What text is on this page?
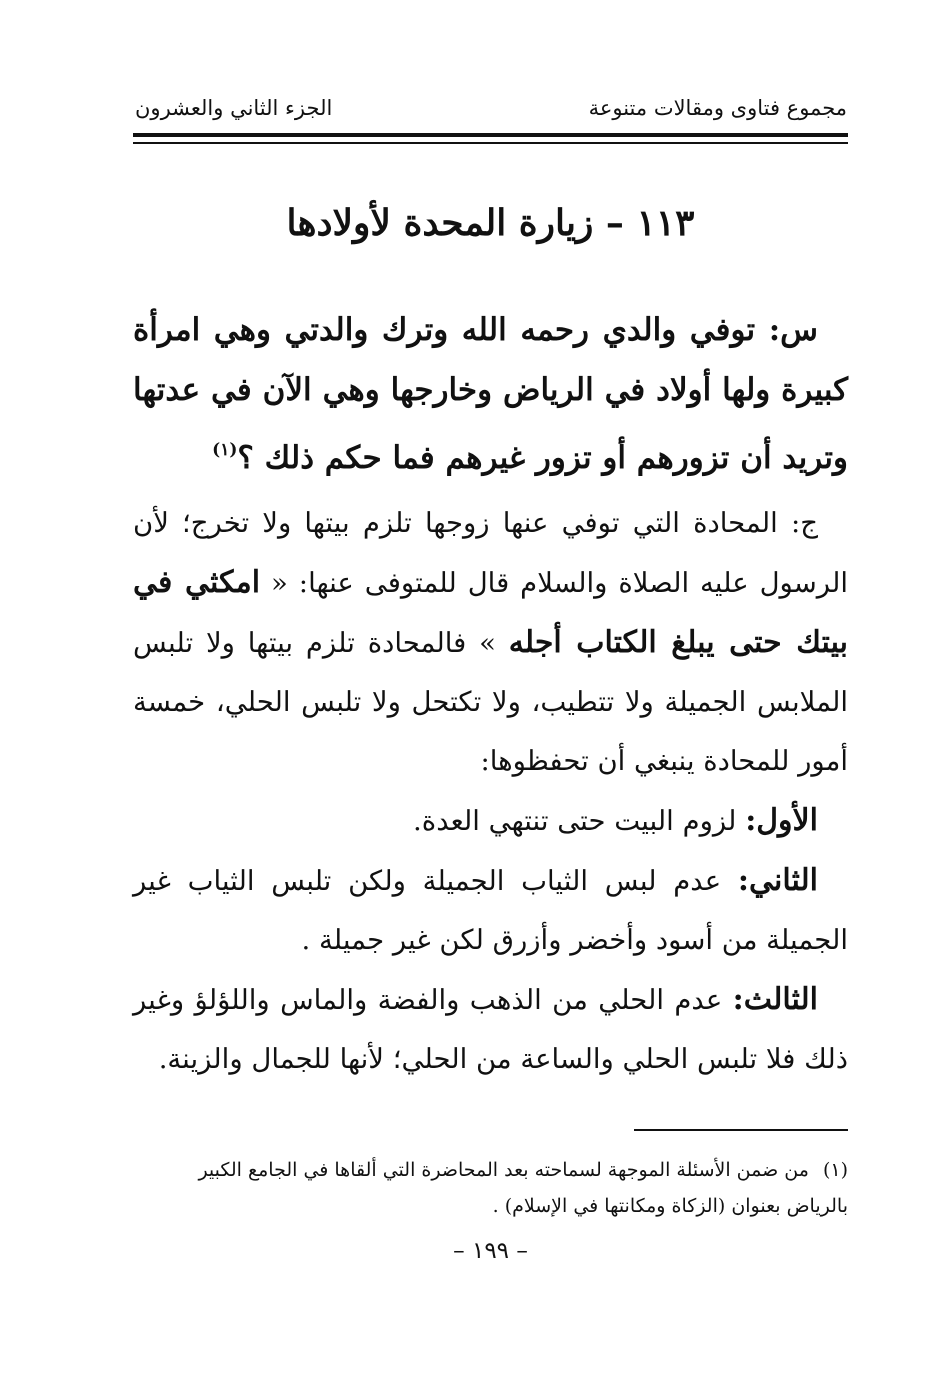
مجموع فتاوى ومقالات متنوعة
الجزء الثاني والعشرون
١١٣ – زيارة المحدة لأولادها
س: توفي والدي رحمه الله وترك والدتي وهي امرأة كبيرة ولها أولاد في الرياض وخارجها وهي الآن في عدتها وتريد أن تزورهم أو تزور غيرهم فما حكم ذلك ؟$^{(١)}$

ج: المحادة التي توفي عنها زوجها تلزم بيتها ولا تخرج؛ لأن الرسول عليه الصلاة والسلام قال للمتوفى عنها: « امكثي في بيتك حتى يبلغ الكتاب أجله » فالمحادة تلزم بيتها ولا تلبس الملابس الجميلة ولا تتطيب، ولا تكتحل ولا تلبس الحلي، خمسة أمور للمحادة ينبغي أن تحفظوها:

الأول: لزوم البيت حتى تنتهي العدة.

الثاني: عدم لبس الثياب الجميلة ولكن تلبس الثياب غير الجميلة من أسود وأخضر وأزرق لكن غير جميلة .

الثالث: عدم الحلي من الذهب والفضة والماس واللؤلؤ وغير ذلك فلا تلبس الحلي والساعة من الحلي؛ لأنها للجمال والزينة.

(١)من ضمن الأسئلة الموجهة لسماحته بعد المحاضرة التي ألقاها في الجامع الكبير بالرياض بعنوان (الزكاة ومكانتها في الإسلام) .
– ١٩٩ –
